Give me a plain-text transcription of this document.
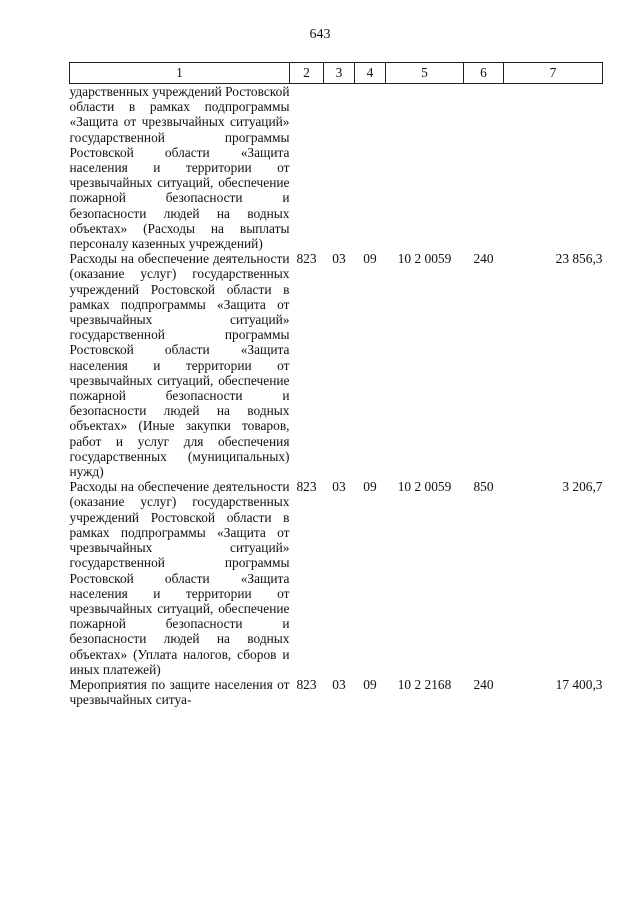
643
1	2	3	4	5	6	7
ударственных учреждений Ростовской области в рамках подпрограммы «Защита от чрезвычайных ситуаций» государственной программы Ростовской области «Защита населения и территории от чрезвычайных ситуаций, обеспечение пожарной безопасности и безопасности людей на водных объектах» (Расходы на выплаты персоналу казенных учреждений)						
Расходы на обеспечение деятельности (оказание услуг) государственных учреждений Ростовской области в рамках подпрограммы «Защита от чрезвычайных ситуаций» государственной программы Ростовской области «Защита населения и территории от чрезвычайных ситуаций, обеспечение пожарной безопасности и безопасности людей на водных объектах» (Иные закупки товаров, работ и услуг для обеспечения государственных (муниципальных) нужд)	823	03	09	10 2 0059	240	23 856,3
Расходы на обеспечение деятельности (оказание услуг) государственных учреждений Ростовской области в рамках подпрограммы «Защита от чрезвычайных ситуаций» государственной программы Ростовской области «Защита населения и территории от чрезвычайных ситуаций, обеспечение пожарной безопасности и безопасности людей на водных объектах» (Уплата налогов, сборов и иных платежей)	823	03	09	10 2 0059	850	3 206,7
Мероприятия по защите населения от чрезвычайных ситуа-	823	03	09	10 2 2168	240	17 400,3
